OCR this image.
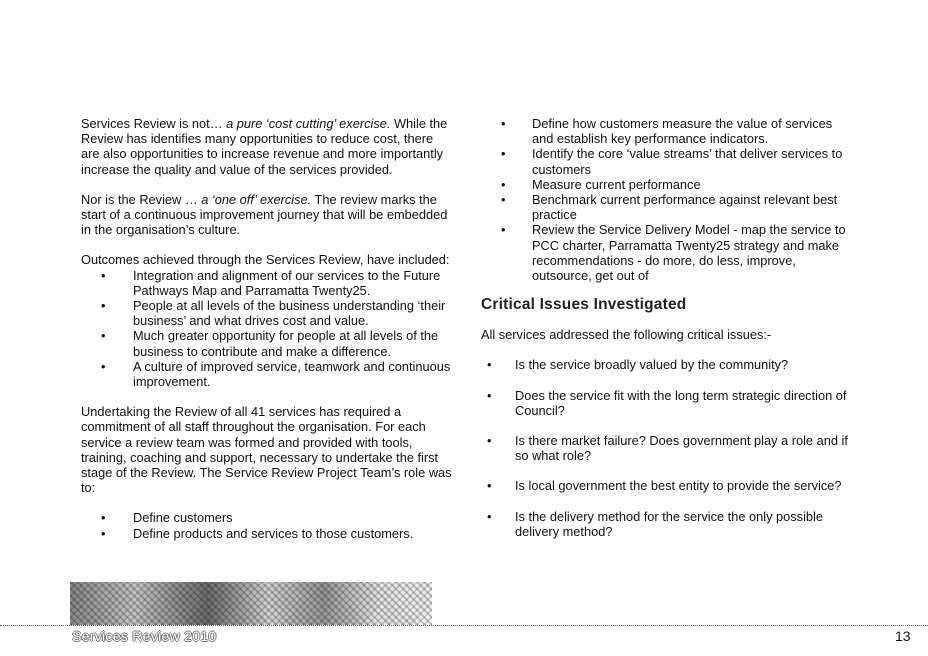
Services Review is not… a pure ‘cost cutting’ exercise. While the Review has identifies many opportunities to reduce cost, there are also opportunities to increase revenue and more importantly increase the quality and value of the services provided.

Nor is the Review … a ‘one off’ exercise. The review marks the start of a continuous improvement journey that will be embedded in the organisation’s culture.

Outcomes achieved through the Services Review, have included:

• Integration and alignment of our services to the Future Pathways Map and Parramatta Twenty25.
• People at all levels of the business understanding ‘their business’ and what drives cost and value.
• Much greater opportunity for people at all levels of the business to contribute and make a difference.
• A culture of improved service, teamwork and continuous improvement.

Undertaking the Review of all 41 services has required a commitment of all staff throughout the organisation. For each service a review team was formed and provided with tools, training, coaching and support, necessary to undertake the first stage of the Review. The Service Review Project Team’s role was to:

• Define customers
• Define products and services to those customers.
• Define how customers measure the value of services and establish key performance indicators.
• Identify the core ‘value streams’ that deliver services to customers
• Measure current performance
• Benchmark current performance against relevant best practice
• Review the Service Delivery Model - map the service to PCC charter, Parramatta Twenty25 strategy and make recommendations - do more, do less, improve, outsource, get out of
Critical Issues Investigated

All services addressed the following critical issues:-

• Is the service broadly valued by the community?
• Does the service fit with the long term strategic direction of Council?
• Is there market failure? Does government play a role and if so what role?
• Is local government the best entity to provide the service?
• Is the delivery method for the service the only possible delivery method?
Services Review 2010	13
